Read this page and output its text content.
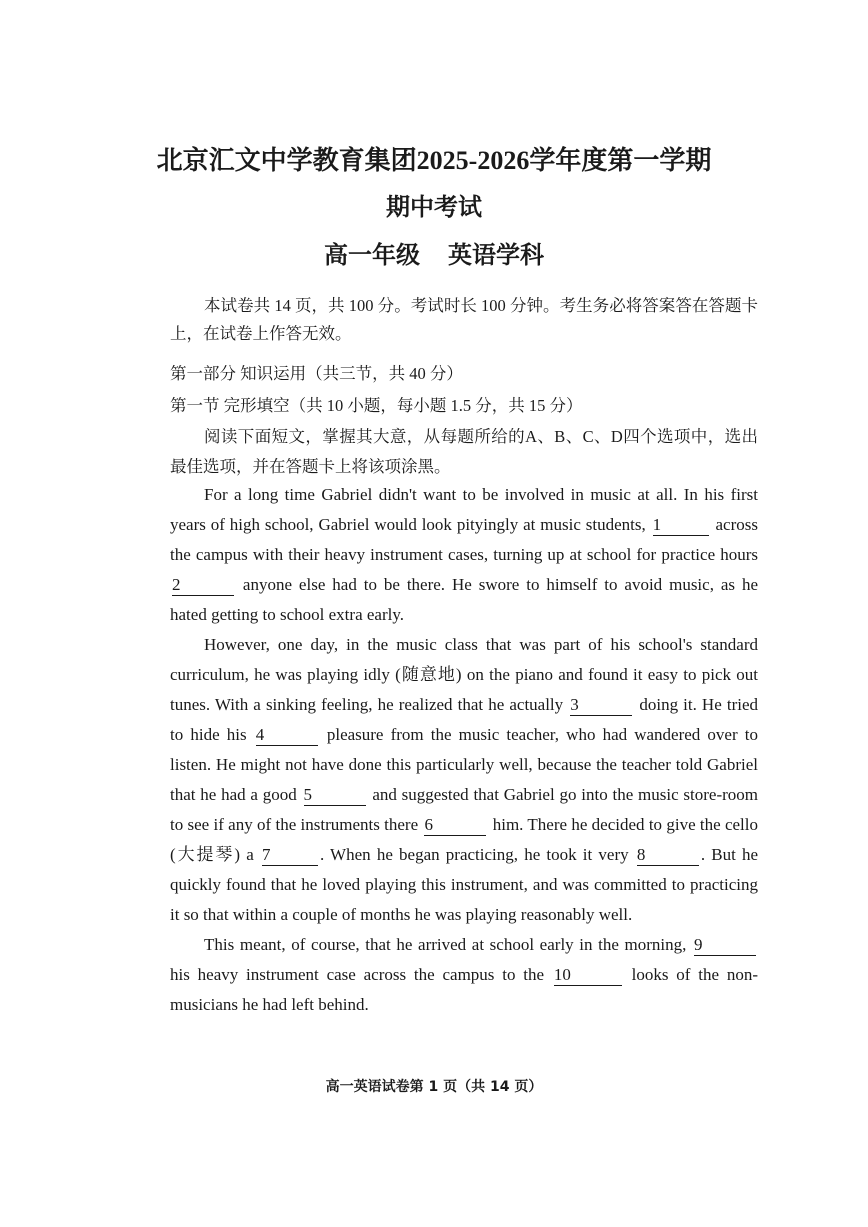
北京汇文中学教育集团2025-2026学年度第一学期
期中考试
高一年级 英语学科

本试卷共 14 页，共 100 分。考试时长 100 分钟。考生务必将答案答在答题卡上，在试卷上作答无效。

第一部分 知识运用（共三节，共 40 分）

第一节 完形填空（共 10 小题，每小题 1.5 分，共 15 分）

阅读下面短文，掌握其大意，从每题所给的A、B、C、D四个选项中，选出最佳选项，并在答题卡上将该项涂黑。

For a long time Gabriel didn't want to be involved in music at all. In his first years of high school, Gabriel would look pityingly at music students, 1	across the campus with their heavy instrument cases, turning up at school for practice hours 2	anyone else had to be there. He swore to himself to avoid music, as he hated getting to school extra early.

However, one day, in the music class that was part of his school's standard curriculum, he was playing idly (随意地) on the piano and found it easy to pick out tunes. With a sinking feeling, he realized that he actually 3	doing it. He tried to hide his 4	pleasure from the music teacher, who had wandered over to listen. He might not have done this particularly well, because the teacher told Gabriel that he had a good 5	and suggested that Gabriel go into the music store-room to see if any of the instruments there 6	him. There he decided to give the cello (大提琴) a 7	. When he began practicing, he took it very 8	. But he quickly found that he loved playing this instrument, and was committed to practicing it so that within a couple of months he was playing reasonably well.

This meant, of course, that he arrived at school early in the morning, 9 his heavy instrument case across the campus to the 10	looks of the non-musicians he had left behind.

高一英语试卷第 1 页（共 14 页）
